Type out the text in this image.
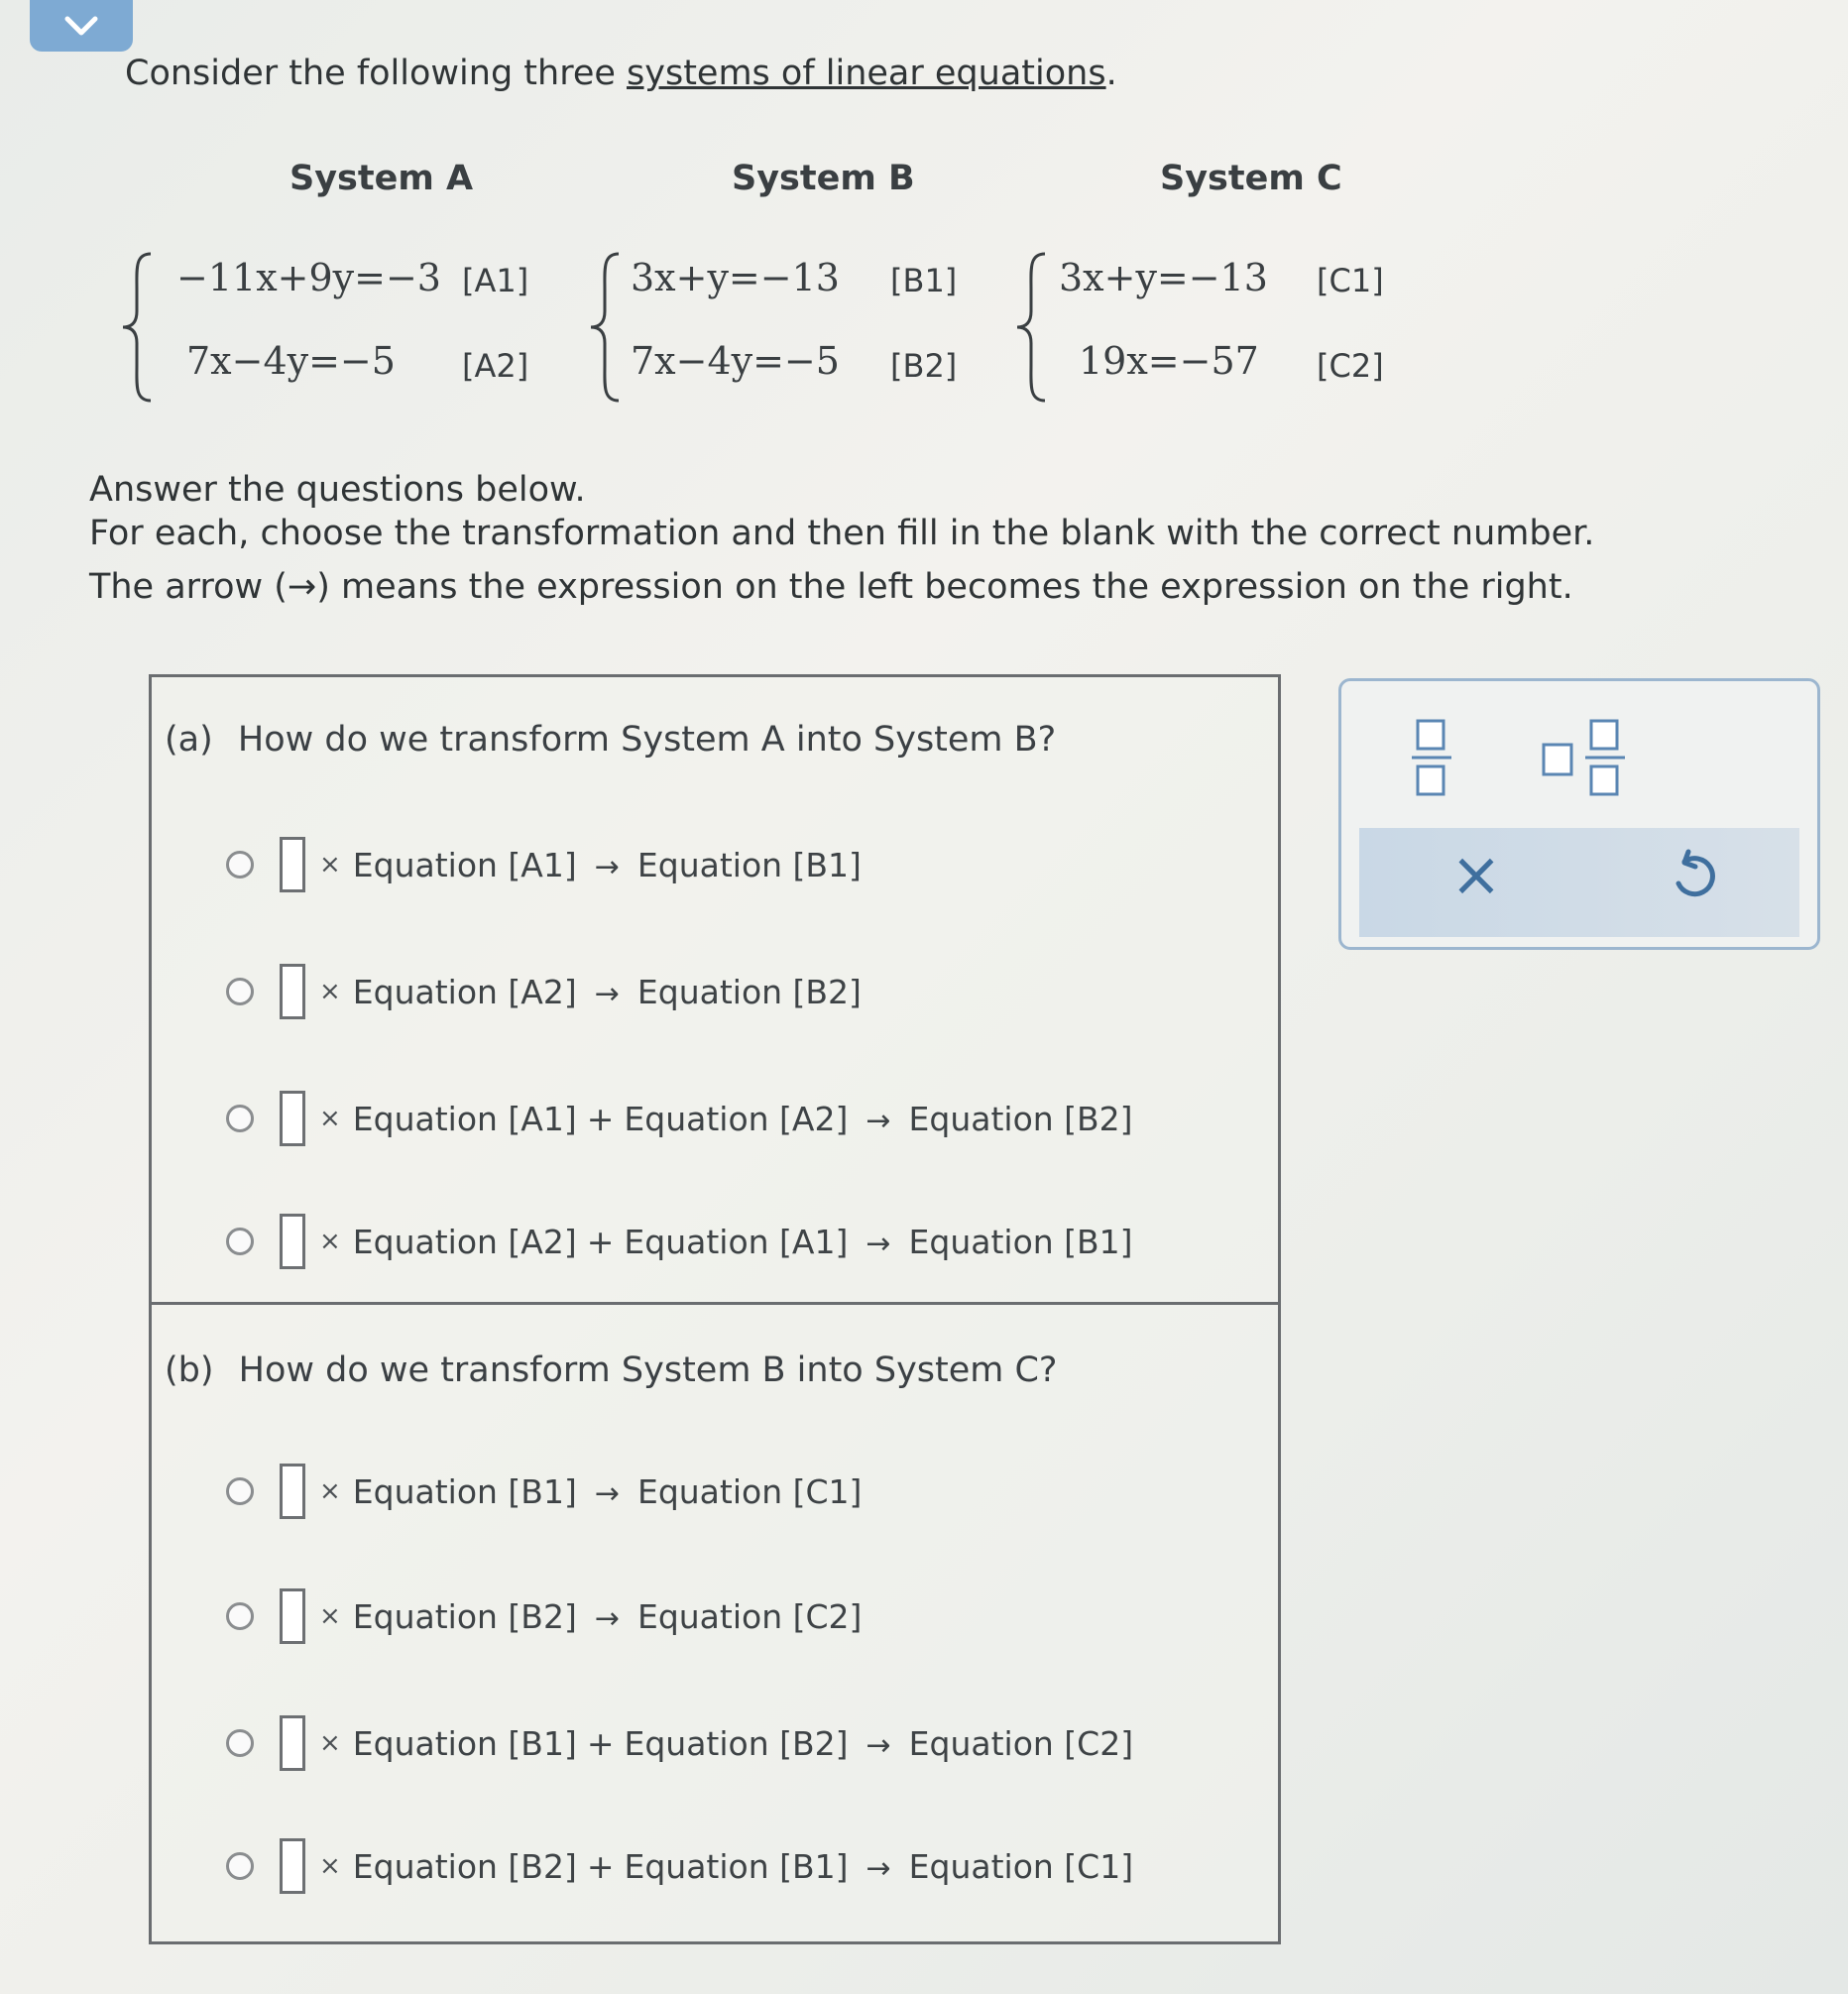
Consider the following three systems of linear equations.
System A	System B	System C
−11x+9y=−3 [A1]
7x−4y=−5 [A2]
3x+y=−13 [B1]
7x−4y=−5 [B2]
3x+y=−13 [C1]
19x=−57 [C2]
Answer the questions below.
For each, choose the transformation and then fill in the blank with the correct number.
The arrow (→) means the expression on the left becomes the expression on the right.
(a) How do we transform System A into System B?
× Equation [A1] → Equation [B1]
× Equation [A2] → Equation [B2]
× Equation [A1] + Equation [A2] → Equation [B2]
× Equation [A2] + Equation [A1] → Equation [B1]
(b) How do we transform System B into System C?
× Equation [B1] → Equation [C1]
× Equation [B2] → Equation [C2]
× Equation [B1] + Equation [B2] → Equation [C2]
× Equation [B2] + Equation [B1] → Equation [C1]
×
